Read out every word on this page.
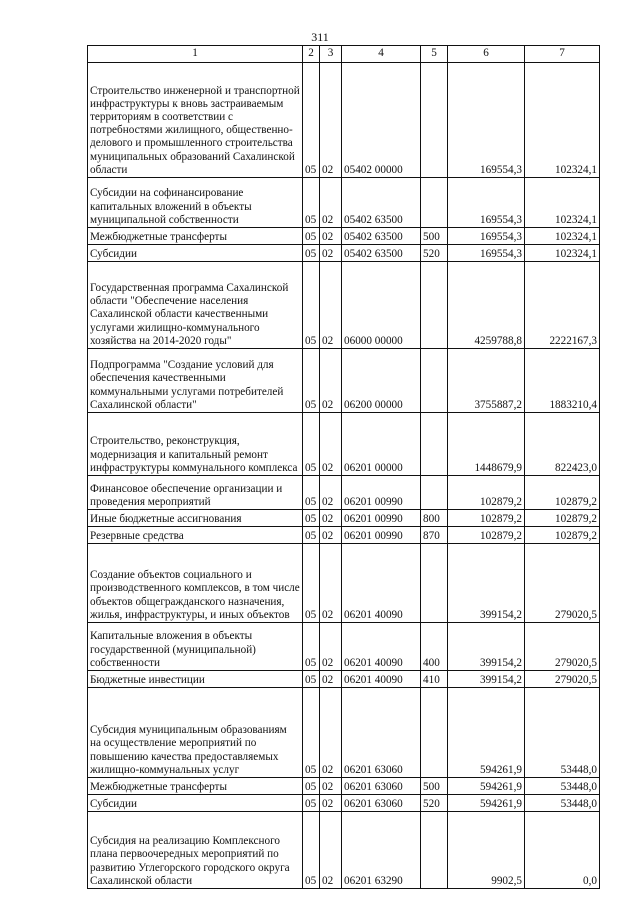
311
1	2	3	4	5	6	7
Строительство инженерной и транспортной инфраструктуры к вновь застраиваемым территориям в соответствии с потребностями жилищного, общественно-делового и промышленного строительства муниципальных образований Сахалинской области	05	02	05402 00000		169554,3	102324,1
Субсидии на софинансирование капитальных вложений в объекты муниципальной собственности	05	02	05402 63500		169554,3	102324,1
Межбюджетные трансферты	05	02	05402 63500	500	169554,3	102324,1
Субсидии	05	02	05402 63500	520	169554,3	102324,1
Государственная программа Сахалинской области "Обеспечение населения Сахалинской области качественными услугами жилищно-коммунального хозяйства на 2014-2020 годы"	05	02	06000 00000		4259788,8	2222167,3
Подпрограмма "Создание условий для обеспечения качественными коммунальными услугами потребителей Сахалинской области"	05	02	06200 00000		3755887,2	1883210,4
Строительство, реконструкция, модернизация и капитальный ремонт инфраструктуры коммунального комплекса	05	02	06201 00000		1448679,9	822423,0
Финансовое обеспечение организации и проведения мероприятий	05	02	06201 00990		102879,2	102879,2
Иные бюджетные ассигнования	05	02	06201 00990	800	102879,2	102879,2
Резервные средства	05	02	06201 00990	870	102879,2	102879,2
Создание объектов социального и производственного комплексов, в том числе объектов общегражданского назначения, жилья, инфраструктуры, и иных объектов	05	02	06201 40090		399154,2	279020,5
Капитальные вложения в объекты государственной (муниципальной) собственности	05	02	06201 40090	400	399154,2	279020,5
Бюджетные инвестиции	05	02	06201 40090	410	399154,2	279020,5
Субсидия муниципальным образованиям на осуществление мероприятий по повышению качества предоставляемых жилищно-коммунальных услуг	05	02	06201 63060		594261,9	53448,0
Межбюджетные трансферты	05	02	06201 63060	500	594261,9	53448,0
Субсидии	05	02	06201 63060	520	594261,9	53448,0
Субсидия на реализацию Комплексного плана первоочередных мероприятий по развитию Углегорского городского округа Сахалинской области	05	02	06201 63290		9902,5	0,0
